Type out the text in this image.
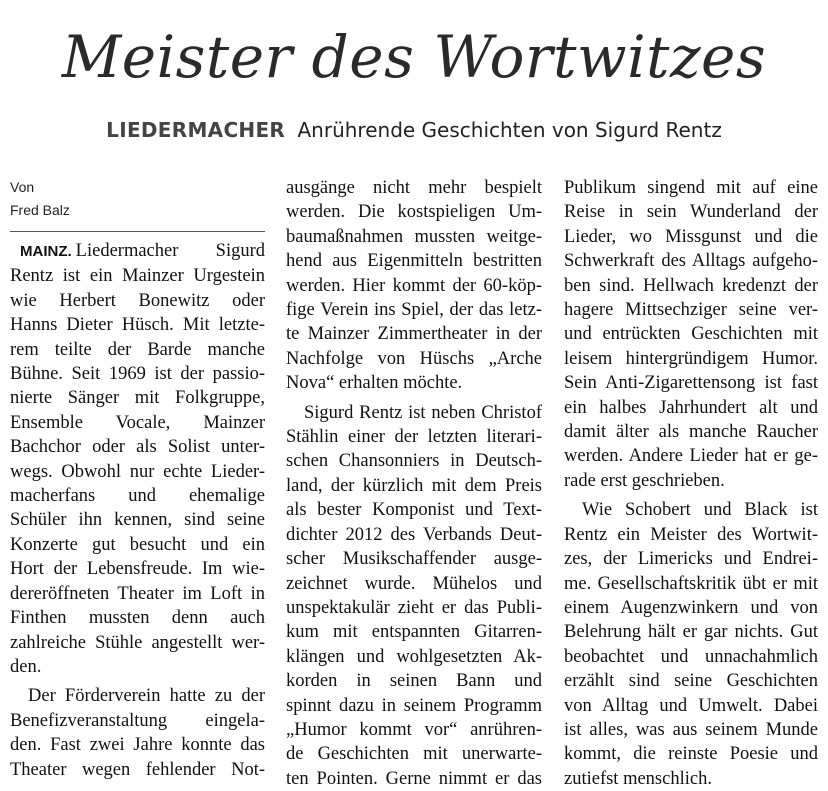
Meister des Wortwitzes
LIEDERMACHER Anrührende Geschichten von Sigurd Rentz
Von
Fred Balz
MAINZ. Liedermacher Sigurd
Rentz ist ein Mainzer Urgestein
wie Herbert Bonewitz oder
Hanns Dieter Hüsch. Mit letzte-
rem teilte der Barde manche
Bühne. Seit 1969 ist der passio-
nierte Sänger mit Folkgruppe,
Ensemble Vocale, Mainzer
Bachchor oder als Solist unter-
wegs. Obwohl nur echte Lieder-
macherfans und ehemalige
Schüler ihn kennen, sind seine
Konzerte gut besucht und ein
Hort der Lebensfreude. Im wie-
dereröffneten Theater im Loft in
Finthen mussten denn auch
zahlreiche Stühle angestellt wer-
den.
Der Förderverein hatte zu der
Benefizveranstaltung eingela-
den. Fast zwei Jahre konnte das
Theater wegen fehlender Not-
ausgänge nicht mehr bespielt
werden. Die kostspieligen Um-
baumaßnahmen mussten weitge-
hend aus Eigenmitteln bestritten
werden. Hier kommt der 60-köp-
fige Verein ins Spiel, der das letz-
te Mainzer Zimmertheater in der
Nachfolge von Hüschs „Arche
Nova“ erhalten möchte.
Sigurd Rentz ist neben Christof
Stählin einer der letzten literari-
schen Chansonniers in Deutsch-
land, der kürzlich mit dem Preis
als bester Komponist und Text-
dichter 2012 des Verbands Deut-
scher Musikschaffender ausge-
zeichnet wurde. Mühelos und
unspektakulär zieht er das Publi-
kum mit entspannten Gitarren-
klängen und wohlgesetzten Ak-
korden in seinen Bann und
spinnt dazu in seinem Programm
„Humor kommt vor“ anrühren-
de Geschichten mit unerwarte-
ten Pointen. Gerne nimmt er das
Publikum singend mit auf eine
Reise in sein Wunderland der
Lieder, wo Missgunst und die
Schwerkraft des Alltags aufgeho-
ben sind. Hellwach kredenzt der
hagere Mittsechziger seine ver-
und entrückten Geschichten mit
leisem hintergründigem Humor.
Sein Anti-Zigarettensong ist fast
ein halbes Jahrhundert alt und
damit älter als manche Raucher
werden. Andere Lieder hat er ge-
rade erst geschrieben.
Wie Schobert und Black ist
Rentz ein Meister des Wortwit-
zes, der Limericks und Endrei-
me. Gesellschaftskritik übt er mit
einem Augenzwinkern und von
Belehrung hält er gar nichts. Gut
beobachtet und unnachahmlich
erzählt sind seine Geschichten
von Alltag und Umwelt. Dabei
ist alles, was aus seinem Munde
kommt, die reinste Poesie und
zutiefst menschlich.
